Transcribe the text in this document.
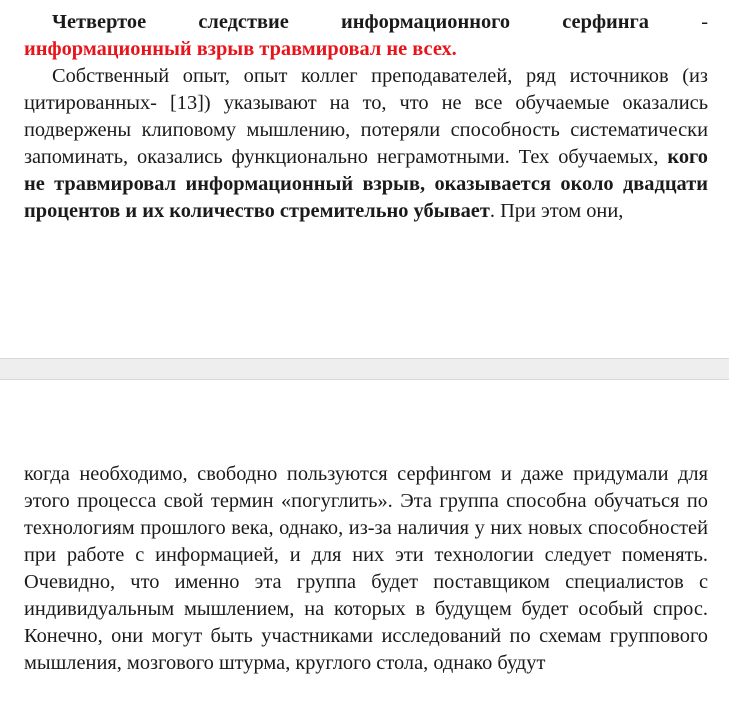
Четвертое следствие информационного серфинга	-

информационный взрыв травмировал не всех.

Собственный опыт, опыт коллег преподавателей, ряд источников (из цитированных- [13]) указывают на то, что не все обучаемые оказались подвержены клиповому мышлению, потеряли способность систематически запоминать, оказались функционально неграмотными. Тех обучаемых, кого не травмировал информационный взрыв, оказывается около двадцати процентов и их количество стремительно убывает. При этом они,

когда необходимо, свободно пользуются серфингом и даже придумали для этого процесса свой термин «погуглить». Эта группа способна обучаться по технологиям прошлого века, однако, из-за наличия у них новых способностей при работе с информацией, и для них эти технологии следует поменять. Очевидно, что именно эта группа будет поставщиком специалистов с индивидуальным мышлением, на которых в будущем будет особый спрос. Конечно, они могут быть участниками исследований по схемам группового мышления, мозгового штурма, круглого стола, однако будут
